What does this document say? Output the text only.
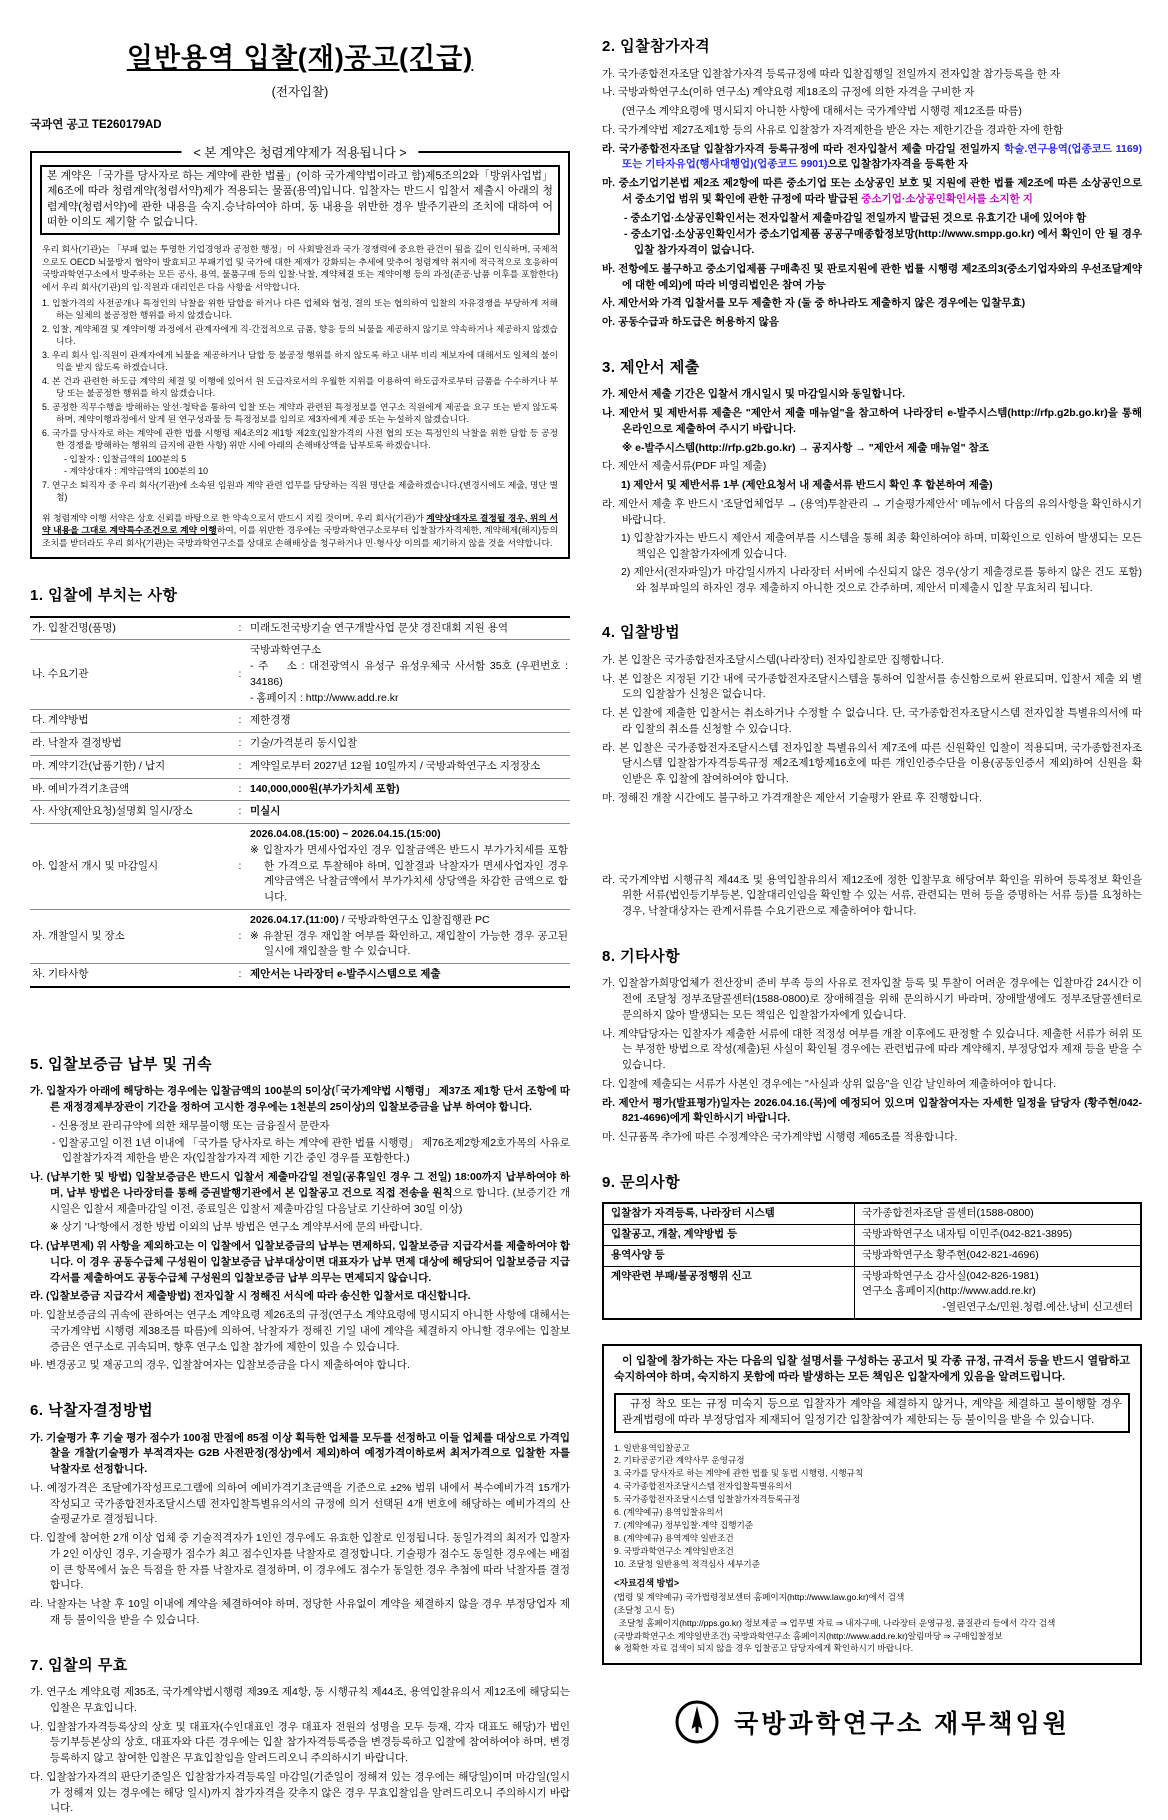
일반용역 입찰(재)공고(긴급)
(전자입찰)
국과연 공고 TE260179AD
< 본 계약은 청렴계약제가 적용됩니다 >
본 계약은「국가를 당사자로 하는 계약에 관한 법률」(이하 국가계약법이라고 함)제5조의2와「방위사업법」제6조에 따라 청렴계약(청렴서약)제가 적용되는 물품(용역)입니다. 입찰자는 반드시 입찰서 제출시 아래의 청렴계약(청렴서약)에 관한 내용을 숙지.승낙하여야 하며, 동 내용을 위반한 경우 발주기관의 조치에 대하여 어떠한 이의도 제기할 수 없습니다.

우리 회사(기관)는 「부패 없는 투명한 기업경영과 공정한 행정」이 사회발전과 국가 경쟁력에 중요한 관건이 됨을 깊이 인식하며, 국제적으로도 OECD 뇌물방지 협약이 발효되고 부패기업 및 국가에 대한 제재가 강화되는 추세에 맞추어 청렴계약 취지에 적극적으로 호응하여 국방과학연구소에서 발주하는 모든 공사, 용역, 물품구매 등의 입찰·낙찰, 계약체결 또는 계약이행 등의 과정(준공·납품 이후를 포함한다)에서 우리 회사(기관)의 임·직원과 대리인은 다음 사항을 서약합니다.

1. 입찰가격의 사전공개나 특정인의 낙찰을 위한 담합을 하거나 다른 업체와 협정, 결의 또는 협의하여 입찰의 자유경쟁을 부당하게 저해하는 일체의 불공정한 행위를 하지 않겠습니다.
2. 입찰, 계약체결 및 계약이행 과정에서 관계자에게 직·간접적으로 금품, 향응 등의 뇌물을 제공하지 않기로 약속하거나 제공하지 않겠습니다.
3. 우리 회사 임·직원이 관계자에게 뇌물을 제공하거나 담합 등 불공정 행위를 하지 않도록 하고 내부 비리 제보자에 대해서도 일체의 불이익을 받지 않도록 하겠습니다.
4. 본 건과 관련한 하도급 계약의 체결 및 이행에 있어서 원 도급자로서의 우월한 지위를 이용하여 하도급자로부터 금품을 수수하거나 부당 또는 불공정한 행위를 하지 않겠습니다.
5. 공정한 직무수행을 방해하는 알선·청탁을 통하여 입찰 또는 계약과 관련된 특정정보를 연구소 직원에게 제공을 요구 또는 받지 않도록 하며, 계약이행과정에서 알게 된 연구성과물 등 특정정보를 임의로 제3자에게 제공 또는 누설하지 않겠습니다.
6. 국가를 당사자로 하는 계약에 관한 법률 시행령 제4조의2 제1항 제2호(입찰가격의 사전 협의 또는 특정인의 낙찰을 위한 담합 등 공정한 경쟁을 방해하는 행위의 금지에 관한 사항) 위반 시에 아래의 손해배상액을 납부토록 하겠습니다.
- 입찰자 : 입찰금액의 100분의 5
- 계약상대자 : 계약금액의 100분의 10
7. 연구소 퇴직자 중 우리 회사(기관)에 소속된 임원과 계약 관련 업무를 담당하는 직원 명단을 제출하겠습니다.(변경시에도 제출, 명단 별첨)

위 청렴계약 이행 서약은 상호 신뢰를 바탕으로 한 약속으로서 반드시 지킬 것이며, 우리 회사(기관)가 계약상대자로 결정될 경우, 위의 서약 내용을 그대로 계약특수조건으로 계약 이행하여, 이를 위반한 경우에는 국방과학연구소로부터 입찰참가자격제한, 계약해제(해지)등의 조치를 받더라도 우리 회사(기관)는 국방과학연구소를 상대로 손해배상을 청구하거나 민·형사상 이의를 제기하지 않을 것을 서약합니다.

1. 입찰에 부치는 사항
가. 입찰건명(품명)	:	미래도전국방기술 연구개발사업 문샷 경진대회 지원 용역
나. 수요기관	:	국방과학연구소
- 주    소 : 대전광역시 유성구 유성우체국 사서함 35호 (우편번호 : 34186)
- 홈페이지 : http://www.add.re.kr

다. 계약방법	:	제한경쟁
라. 낙찰자 결정방법	:	기술/가격분리 동시입찰
마. 계약기간(납품기한) / 납지	:	계약일로부터 2027년 12월 10일까지 / 국방과학연구소 지정장소
바. 예비가격기초금액	:	140,000,000원(부가가치세 포함)
사. 사양(제안요청)설명회 일시/장소	:	미실시
아. 입찰서 개시 및 마감일시	:	2026.04.08.(15:00) ~ 2026.04.15.(15:00)
※ 입찰자가 면세사업자인 경우 입찰금액은 반드시 부가가치세를 포함한 가격으로 투찰해야 하며, 입찰결과 낙찰자가 면세사업자인 경우 계약금액은 낙찰금액에서 부가가치세 상당액을 차감한 금액으로 합니다.

자. 개찰일시 및 장소	:	2026.04.17.(11:00) / 국방과학연구소 입찰집행관 PC
※ 유찰된 경우 재입찰 여부를 확인하고, 재입찰이 가능한 경우 공고된 일시에 재입찰을 할 수 있습니다.

차. 기타사항	:	제안서는 나라장터 e-발주시스템으로 제출
5. 입찰보증금 납부 및 귀속
가. 입찰자가 아래에 해당하는 경우에는 입찰금액의 100분의 5이상(「국가계약법 시행령」 제37조 제1항 단서 조항에 따른 재정경제부장관이 기간을 정하여 고시한 경우에는 1천분의 25이상)의 입찰보증금을 납부 하여야 합니다.
- 신용정보 관리규약에 의한 채무불이행 또는 금융질서 문란자
- 입찰공고일 이전 1년 이내에 「국가를 당사자로 하는 계약에 관한 법률 시행령」 제76조제2항제2호가목의 사유로 입찰참가자격 제한을 받은 자(입찰참가자격 제한 기간 중인 경우를 포함한다.)
나. (납부기한 및 방법) 입찰보증금은 반드시 입찰서 제출마감일 전일(공휴일인 경우 그 전일) 18:00까지 납부하여야 하며, 납부 방법은 나라장터를 통해 증권발행기관에서 본 입찰공고 건으로 직접 전송을 원칙으로 합니다. (보증기간 개시일은 입찰서 제출마감일 이전, 종료일은 입찰서 제출마감일 다음날로 기산하여 30일 이상)
※ 상기 '나'항에서 정한 방법 이외의 납부 방법은 연구소 계약부서에 문의 바랍니다.
다. (납부면제) 위 사항을 제외하고는 이 입찰에서 입찰보증금의 납부는 면제하되, 입찰보증금 지급각서를 제출하여야 합니다. 이 경우 공동수급체 구성원이 입찰보증금 납부대상이면 대표자가 납부 면제 대상에 해당되어 입찰보증금 지급각서를 제출하여도 공동수급체 구성원의 입찰보증금 납부 의무는 면제되지 않습니다.
라. (입찰보증금 지급각서 제출방법) 전자입찰 시 정해진 서식에 따라 송신한 입찰서로 대신합니다.
마. 입찰보증금의 귀속에 관하여는 연구소 계약요령 제26조의 규정(연구소 계약요령에 명시되지 아니한 사항에 대해서는 국가계약법 시행령 제38조를 따름)에 의하여, 낙찰자가 정해진 기일 내에 계약을 체결하지 아니할 경우에는 입찰보증금은 연구소로 귀속되며, 향후 연구소 입찰 참가에 제한이 있을 수 있습니다.
바. 변경공고 및 재공고의 경우, 입찰참여자는 입찰보증금을 다시 제출하여야 합니다.
6. 낙찰자결정방법
가. 기술평가 후 기술 평가 점수가 100점 만점에 85점 이상 획득한 업체를 모두를 선정하고 이들 업체를 대상으로 가격입찰을 개찰(기술평가 부적격자는 G2B 사전판정(정상)에서 제외)하여 예정가격이하로써 최저가격으로 입찰한 자를 낙찰자로 선정합니다.
나. 예정가격은 조달예가작성프로그램에 의하여 예비가격기초금액을 기준으로 ±2% 범위 내에서 복수예비가격 15개가 작성되고 국가종합전자조달시스템 전자입찰특별유의서의 규정에 의거 선택된 4개 번호에 해당하는 예비가격의 산술평균가로 결정됩니다.
다. 입찰에 참여한 2개 이상 업체 중 기술적격자가 1인인 경우에도 유효한 입찰로 인정됩니다. 동일가격의 최저가 입찰자가 2인 이상인 경우, 기술평가 점수가 최고 점수인자를 낙찰자로 결정합니다. 기술평가 점수도 동일한 경우에는 배점이 큰 항목에서 높은 득점을 한 자를 낙찰자로 결정하며, 이 경우에도 점수가 동일한 경우 추첨에 따라 낙찰자를 결정합니다.
라. 낙찰자는 낙찰 후 10일 이내에 계약을 체결하여야 하며, 정당한 사유없이 계약을 체결하지 않을 경우 부정당업자 제재 등 불이익을 받을 수 있습니다.
7. 입찰의 무효
가. 연구소 계약요령 제35조, 국가계약법시행령 제39조 제4항, 동 시행규칙 제44조, 용역입찰유의서 제12조에 해당되는 입찰은 무효입니다.
나. 입찰참가자격등록상의 상호 및 대표자(수인대표인 경우 대표자 전원의 성명을 모두 등재, 각자 대표도 해당)가 법인등기부등본상의 상호, 대표자와 다른 경우에는 입찰 참가자격등록증을 변경등록하고 입찰에 참여하여야 하며, 변경등록하지 않고 참여한 입찰은 무효입찰임을 알려드리오니 주의하시기 바랍니다.
다. 입찰참가자격의 판단기준일은 입찰참가자격등록일 마감일(기준일이 정해져 있는 경우에는 해당일)이며 마감일(일시가 정해져 있는 경우에는 해당 일시)까지 참가자격을 갖추지 않은 경우 무효입찰임을 알려드리오니 주의하시기 바랍니다.
2. 입찰참가자격
가. 국가종합전자조달 입찰참가자격 등록규정에 따라 입찰집행일 전일까지 전자입찰 참가등록을 한 자
나. 국방과학연구소(이하 연구소) 계약요령 제18조의 규정에 의한 자격을 구비한 자
(연구소 계약요령에 명시되지 아니한 사항에 대해서는 국가계약법 시행령 제12조를 따름)
다. 국가계약법 제27조제1항 등의 사유로 입찰참가 자격제한을 받은 자는 제한기간을 경과한 자에 한함
라. 국가종합전자조달 입찰참가자격 등록규정에 따라 전자입찰서 제출 마감일 전일까지 학술.연구용역(업종코드 1169) 또는 기타자유업(행사대행업)(업종코드 9901)으로 입찰참가자격을 등록한 자
마. 중소기업기본법 제2조 제2항에 따른 중소기업 또는 소상공인 보호 및 지원에 관한 법률 제2조에 따른 소상공인으로서 중소기업 범위 및 확인에 관한 규정에 따라 발급된 중소기업·소상공인확인서를 소지한 지
- 중소기업·소상공인확인서는 전자입찰서 제출마감일 전일까지 발급된 것으로 유효기간 내에 있어야 함
- 중소기업·소상공인확인서가 중소기업제품 공공구매종합정보망(http://www.smpp.go.kr) 에서 확인이 안 될 경우 입찰 참가자격이 없습니다.
바. 전항에도 불구하고 중소기업제품 구매촉진 및 판로지원에 관한 법률 시행령 제2조의3(중소기업자와의 우선조달계약에 대한 예외)에 따라 비영리법인은 참여 가능
사. 제안서와 가격 입찰서를 모두 제출한 자 (둘 중 하나라도 제출하지 않은 경우에는 입찰무효)
아. 공동수급과 하도급은 허용하지 않음
3. 제안서 제출
가. 제안서 제출 기간은 입찰서 개시일시 및 마감일시와 동일합니다.
나. 제안서 및 제반서류 제출은 "제안서 제출 매뉴얼"을 참고하여 나라장터 e-발주시스템(http://rfp.g2b.go.kr)을 통해 온라인으로 제출하여 주시기 바랍니다.
※ e-발주시스템(http://rfp.g2b.go.kr) → 공지사항 → "제안서 제출 매뉴얼" 참조
다. 제안서 제출서류(PDF 파일 제출)
1) 제안서 및 제반서류 1부 (제안요청서 내 제출서류 반드시 확인 후 합본하여 제출)
라. 제안서 제출 후 반드시 '조달업체업무 → (용역)투찰관리 → 기술평가제안서' 메뉴에서 다음의 유의사항을 확인하시기 바랍니다.
1) 입찰참가자는 반드시 제안서 제출여부를 시스템을 통해 최종 확인하여야 하며, 미확인으로 인하여 발생되는 모든 책임은 입찰참가자에게 있습니다.
2) 제안서(전자파일)가 마감일시까지 나라장터 서버에 수신되지 않은 경우(상기 제출경로를 통하지 않은 건도 포함)와 첨부파일의 하자인 경우 제출하지 아니한 것으로 간주하며, 제안서 미제출시 입찰 무효처리 됩니다.
4. 입찰방법
가. 본 입찰은 국가종합전자조달시스템(나라장터) 전자입찰로만 집행합니다.
나. 본 입찰은 지정된 기간 내에 국가종합전자조달시스템을 통하여 입찰서를 송신함으로써 완료되며, 입찰서 제출 외 별도의 입찰참가 신청은 없습니다.
다. 본 입찰에 제출한 입찰서는 취소하거나 수정할 수 없습니다. 단, 국가종합전자조달시스템 전자입찰 특별유의서에 따라 입찰의 취소를 신청할 수 있습니다.
라. 본 입찰은 국가종합전자조달시스템 전자입찰 특별유의서 제7조에 따른 신원확인 입찰이 적용되며, 국가종합전자조달시스템 입찰참가자격등록규정 제2조제1항제16호에 따른 개인인증수단을 이용(공동인증서 제외)하여 신원을 확인받은 후 입찰에 참여하여야 합니다.
마. 정해진 개찰 시간에도 불구하고 가격개찰은 제안서 기술평가 완료 후 진행합니다.
라. 국가계약법 시행규칙 제44조 및 용역입찰유의서 제12조에 정한 입찰무효 해당여부 확인을 위하여 등록정보 확인을 위한 서류(법인등기부등본, 입찰대리인임을 확인할 수 있는 서류, 관련되는 면허 등을 증명하는 서류 등)를 요청하는 경우, 낙찰대상자는 관계서류를 수요기관으로 제출하여야 합니다.
8. 기타사항
가. 입찰참가희망업체가 전산장비 준비 부족 등의 사유로 전자입찰 등록 및 투찰이 어려운 경우에는 입찰마감 24시간 이전에 조달청 정부조달콜센터(1588-0800)로 장애해결을 위해 문의하시기 바라며, 장애발생에도 정부조달콜센터로 문의하지 않아 발생되는 모든 책임은 입찰참가자에게 있습니다.
나. 계약담당자는 입찰자가 제출한 서류에 대한 적정성 여부를 개찰 이후에도 판정할 수 있습니다. 제출한 서류가 허위 또는 부정한 방법으로 작성(제출)된 사실이 확인될 경우에는 관련법규에 따라 계약해지, 부정당업자 제재 등을 받을 수 있습니다.
다. 입찰에 제출되는 서류가 사본인 경우에는 "사실과 상위 없음"을 인감 날인하여 제출하여야 합니다.
라. 제안서 평가(발표평가)일자는 2026.04.16.(목)에 예정되어 있으며 입찰참여자는 자세한 일정을 담당자 (황주현/042-821-4696)에게 확인하시기 바랍니다.
마. 신규품목 추가에 따른 수정계약은 국가계약법 시행령 제65조를 적용합니다.
9. 문의사항
입찰참가 자격등록, 나라장터 시스템	국가종합전자조달 콜센터(1588-0800)
입찰공고, 개찰, 계약방법 등	국방과학연구소 내자팀 이민주(042-821-3895)
용역사양 등	국방과학연구소 황주현(042-821-4696)
계약관련 부패/불공정행위 신고	국방과학연구소 감사실(042-826-1981)
연구소 홈페이지(http://www.add.re.kr)
-열린연구소/민원.청렴.예산.낭비 신고센터
이 입찰에 참가하는 자는 다음의 입찰 설명서를 구성하는 공고서 및 각종 규정, 규격서 등을 반드시 열람하고 숙지하여야 하며, 숙지하지 못함에 따라 발생하는 모든 책임은 입찰자에게 있음을 알려드립니다.
규정 착오 또는 규정 미숙지 등으로 입찰자가 계약을 체결하지 않거나, 계약을 체결하고 불이행할 경우 관계법령에 따라 부정당업자 제재되어 일정기간 입찰참여가 제한되는 등 불이익을 받을 수 있습니다.
1. 일반용역입찰공고
2. 기타공공기관 계약사무 운영규정
3. 국가를 당사자로 하는 계약에 관한 법률 및 동법 시행령, 시행규칙
4. 국가종합전자조달시스템 전자입찰특별유의서
5. 국가종합전자조달시스템 입찰참가자격등록규정
6. (계약예규) 용역입찰유의서
7. (계약예규) 정부입찰·계약 집행기준
8. (계약예규) 용역계약 일반조건
9. 국방과학연구소 계약일반조건
10. 조달청 일반용역 적격심사 세부기준
<자료검색 방법>
(법령 및 계약예규) 국가법령정보센터 홈페이지(http://www.law.go.kr)에서 검색
(조달청 고시 등)
조달청 홈페이지(http://pps.go.kr) 정보제공 ⇒ 업무별 자료 ⇒ 내자구매, 나라장터 운영규정, 품질관리 등에서 각각 검색
(국방과학연구소 계약일반조건) 국방과학연구소 홈페이지(http://www.add.re.kr)알림마당 ⇒ 구매입찰정보
※ 정확한 자료 검색이 되지 않을 경우 입찰공고 담당자에게 확인하시기 바랍니다.
국방과학연구소 재무책임원
